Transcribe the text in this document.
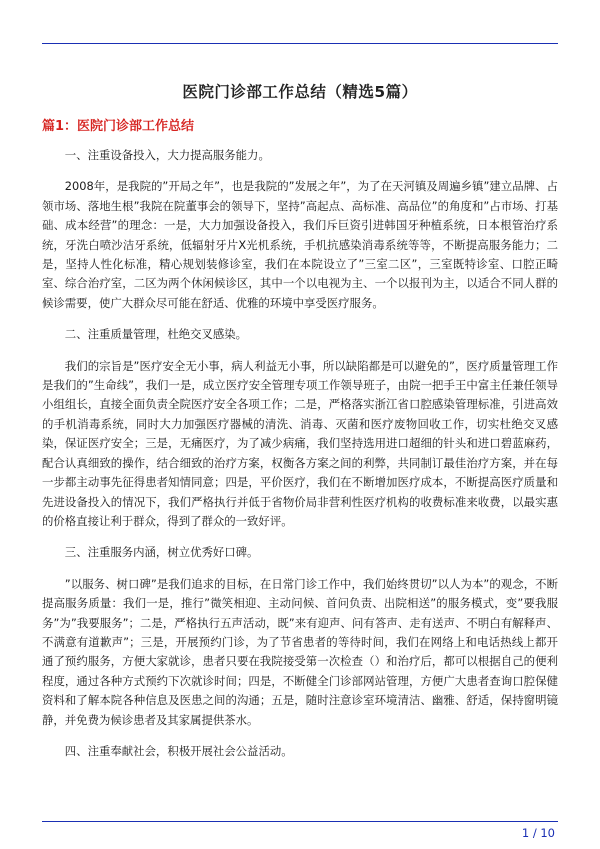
医院门诊部工作总结（精选5篇）
篇1：医院门诊部工作总结

一、注重设备投入，大力提高服务能力。

2008年，是我院的”开局之年”，也是我院的”发展之年”，为了在天河镇及周遍乡镇”建立品牌、占领市场、落地生根”我院在院董事会的领导下，坚持”高起点、高标准、高品位”的角度和”占市场、打基础、成本经营”的理念：一是，大力加强设备投入，我们斥巨资引进韩国牙种植系统，日本根管治疗系统，牙洗白喷沙洁牙系统，低辐射牙片X光机系统，手机抗感染消毒系统等等，不断提高服务能力；二是，坚持人性化标准，精心规划装修诊室，我们在本院设立了”三室二区”，三室既特诊室、口腔正畸室、综合治疗室，二区为两个休闲候诊区，其中一个以电视为主、一个以报刊为主，以适合不同人群的候诊需要，使广大群众尽可能在舒适、优雅的环境中享受医疗服务。

二、注重质量管理，杜绝交叉感染。

我们的宗旨是”医疗安全无小事，病人利益无小事，所以缺陷都是可以避免的”，医疗质量管理工作是我们的”生命线”，我们一是，成立医疗安全管理专项工作领导班子，由院一把手王中富主任兼任领导小组组长，直接全面负责全院医疗安全各项工作；二是，严格落实浙江省口腔感染管理标准，引进高效的手机消毒系统，同时大力加强医疗器械的清洗、消毒、灭菌和医疗废物回收工作，切实杜绝交叉感染，保证医疗安全；三是，无痛医疗，为了减少病痛，我们坚持选用进口超细的针头和进口碧蓝麻药，配合认真细致的操作，结合细致的治疗方案，权衡各方案之间的利弊，共同制订最佳治疗方案，并在每一步都主动事先征得患者知情同意；四是，平价医疗，我们在不断增加医疗成本，不断提高医疗质量和先进设备投入的情况下，我们严格执行并低于省物价局非营利性医疗机构的收费标准来收费，以最实惠的价格直接让利于群众，得到了群众的一致好评。

三、注重服务内涵，树立优秀好口碑。

”以服务、树口碑”是我们追求的目标，在日常门诊工作中，我们始终贯切”以人为本”的观念，不断提高服务质量：我们一是，推行”微笑相迎、主动问候、首问负责、出院相送”的服务模式，变”要我服务”为”我要服务”；二是，严格执行五声活动，既”来有迎声、问有答声、走有送声、不明白有解释声、不满意有道歉声”；三是，开展预约门诊，为了节省患者的等待时间，我们在网络上和电话热线上都开通了预约服务，方便大家就诊，患者只要在我院接受第一次检查（）和治疗后，都可以根据自己的便利程度，通过各种方式预约下次就诊时间；四是，不断健全门诊部网站管理，方便广大患者查询口腔保健资料和了解本院各种信息及医患之间的沟通；五是，随时注意诊室环境清洁、幽雅、舒适，保持窗明镜静，并免费为候诊患者及其家属提供茶水。

四、注重奉献社会，积极开展社会公益活动。

1 / 10
